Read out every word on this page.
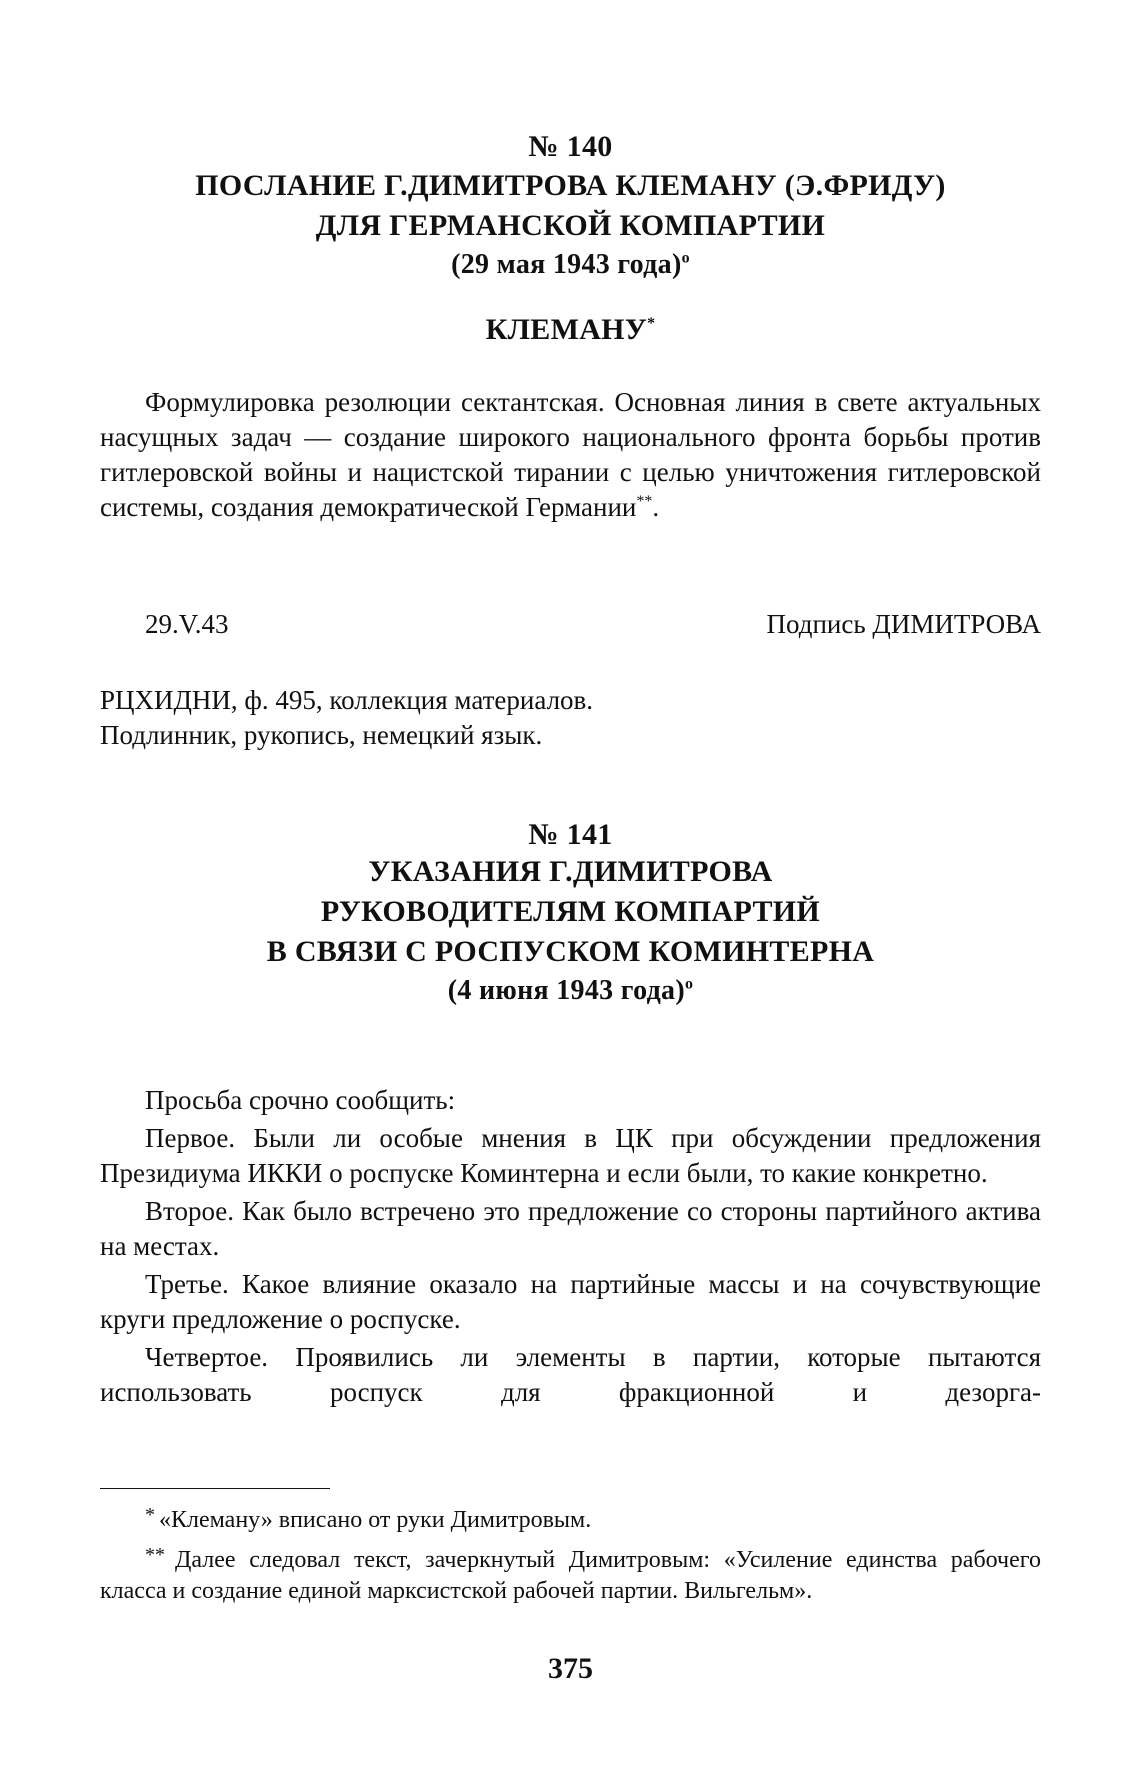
№ 140
ПОСЛАНИЕ Г.ДИМИТРОВА КЛЕМАНУ (Э.ФРИДУ)
ДЛЯ ГЕРМАНСКОЙ КОМПАРТИИ
(29 мая 1943 года)$^о$
КЛЕМАНУ*

Формулировка резолюции сектантская. Основная линия в свете актуальных насущных задач — создание широкого национального фронта борьбы против гитлеровской войны и нацистской тирании с целью уничтожения гитлеровской системы, создания демократической Германии**.

29.V.43	Подпись ДИМИТРОВА

РЦХИДНИ, ф. 495, коллекция материалов.

Подлинник, рукопись, немецкий язык.

№ 141
УКАЗАНИЯ Г.ДИМИТРОВА
РУКОВОДИТЕЛЯМ КОМПАРТИЙ
В СВЯЗИ С РОСПУСКОМ КОМИНТЕРНА
(4 июня 1943 года)$^о$

Просьба срочно сообщить:

Первое. Были ли особые мнения в ЦК при обсуждении предложения Президиума ИККИ о роспуске Коминтерна и если были, то какие конкретно.

Второе. Как было встречено это предложение со стороны партийного актива на местах.

Третье. Какое влияние оказало на партийные массы и на сочувствующие круги предложение о роспуске.

Четвертое. Проявились ли элементы в партии, которые пытаются использовать роспуск для фракционной и дезорга-

* «Клеману» вписано от руки Димитровым.

** Далее следовал текст, зачеркнутый Димитровым: «Усиление единства рабочего класса и создание единой марксистской рабочей партии. Вильгельм».

375
